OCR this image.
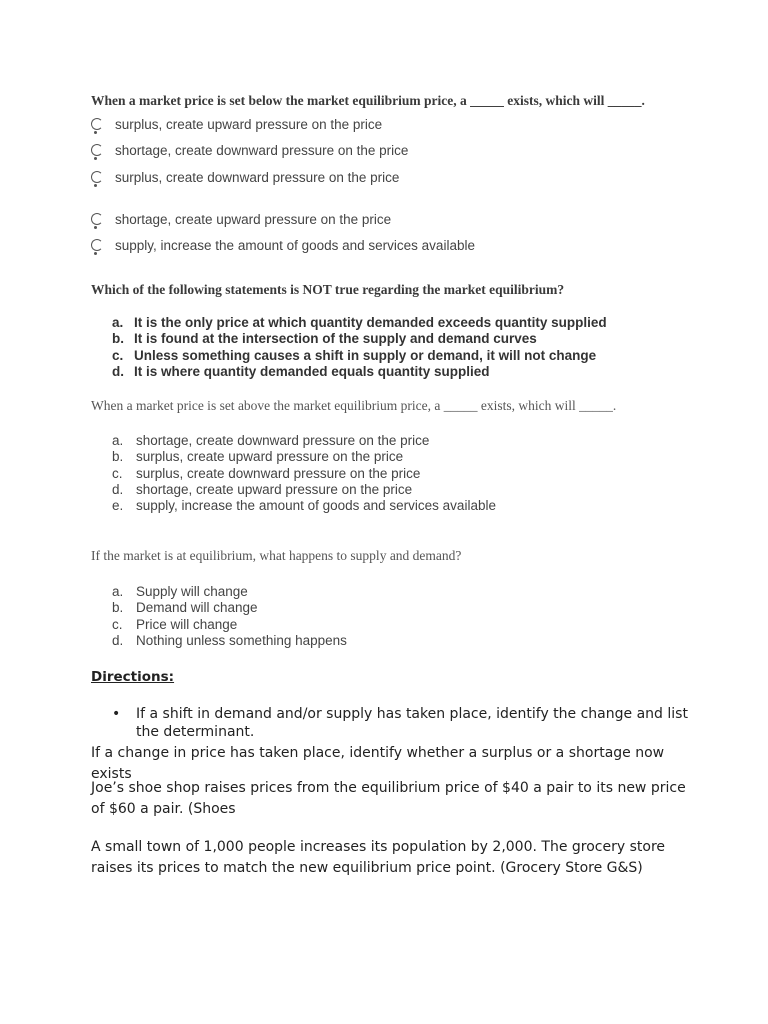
When a market price is set below the market equilibrium price, a _____ exists, which will _____.
surplus, create upward pressure on the price
shortage, create downward pressure on the price
surplus, create downward pressure on the price
shortage, create upward pressure on the price
supply, increase the amount of goods and services available
Which of the following statements is NOT true regarding the market equilibrium?
a. It is the only price at which quantity demanded exceeds quantity supplied
b. It is found at the intersection of the supply and demand curves
c. Unless something causes a shift in supply or demand, it will not change
d. It is where quantity demanded equals quantity supplied
When a market price is set above the market equilibrium price, a _____ exists, which will _____.
a. shortage, create downward pressure on the price
b. surplus, create upward pressure on the price
c. surplus, create downward pressure on the price
d. shortage, create upward pressure on the price
e. supply, increase the amount of goods and services available
If the market is at equilibrium, what happens to supply and demand?
a. Supply will change
b. Demand will change
c. Price will change
d. Nothing unless something happens
Directions:
•	If a shift in demand and/or supply has taken place, identify the change and list the determinant.
If a change in price has taken place, identify whether a surplus or a shortage now exists
Joe’s shoe shop raises prices from the equilibrium price of $40 a pair to its new price of $60 a pair. (Shoes
A small town of 1,000 people increases its population by 2,000. The grocery store raises its prices to match the new equilibrium price point. (Grocery Store G&S)
